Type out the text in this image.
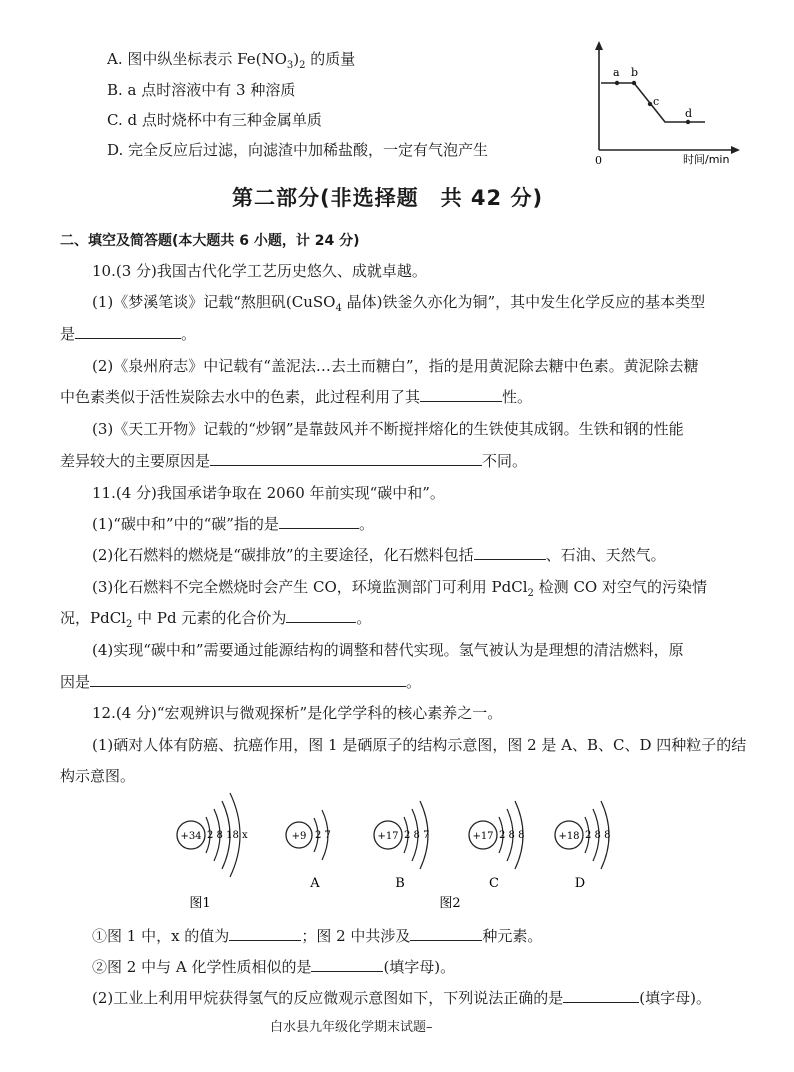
A. 图中纵坐标表示 $Fe(NO_3)_2$ 的质量
B. a 点时溶液中有 3 种溶质
C. d 点时烧杯中有三种金属单质
D. 完全反应后过滤，向滤渣中加稀盐酸，一定有气泡产生
a b
c
d
0	时间/min
第二部分(非选择题　共 42 分)
二、填空及简答题(本大题共 6 小题，计 24 分)
10.(3 分)我国古代化学工艺历史悠久、成就卓越。
(1)《梦溪笔谈》记载“熬胆矾(CuSO$_4$ 晶体)铁釜久亦化为铜”，其中发生化学反应的基本类型
是	。
(2)《泉州府志》中记载有“盖泥法…去土而糖白”，指的是用黄泥除去糖中色素。黄泥除去糖
中色素类似于活性炭除去水中的色素，此过程利用了其	性。
(3)《天工开物》记载的“炒钢”是靠鼓风并不断搅拌熔化的生铁使其成钢。生铁和钢的性能
差异较大的主要原因是	不同。
11.(4 分)我国承诺争取在 2060 年前实现“碳中和”。
(1)“碳中和”中的“碳”指的是	。
(2)化石燃料的燃烧是“碳排放”的主要途径，化石燃料包括	、石油、天然气。
(3)化石燃料不完全燃烧时会产生 CO，环境监测部门可利用 PdCl$_2$ 检测 CO 对空气的污染情
况，PdCl$_2$ 中 Pd 元素的化合价为	。
(4)实现“碳中和”需要通过能源结构的调整和替代实现。氢气被认为是理想的清洁燃料，原
因是	。
12.(4 分)“宏观辨识与微观探析”是化学学科的核心素养之一。
(1)硒对人体有防癌、抗癌作用，图 1 是硒原子的结构示意图，图 2 是 A、B、C、D 四种粒子的结
构示意图。
+34 2 8 18 x	+9 2 7
A
+17 2 8 7
B
+17 2 8 8
C
+18 2 8 8
D
图1	图2
①图 1 中，x 的值为	；图 2 中共涉及	种元素。
②图 2 中与 A 化学性质相似的是	(填字母)。
(2)工业上利用甲烷获得氢气的反应微观示意图如下，下列说法正确的是	(填字母)。
白水县九年级化学期末试题–
